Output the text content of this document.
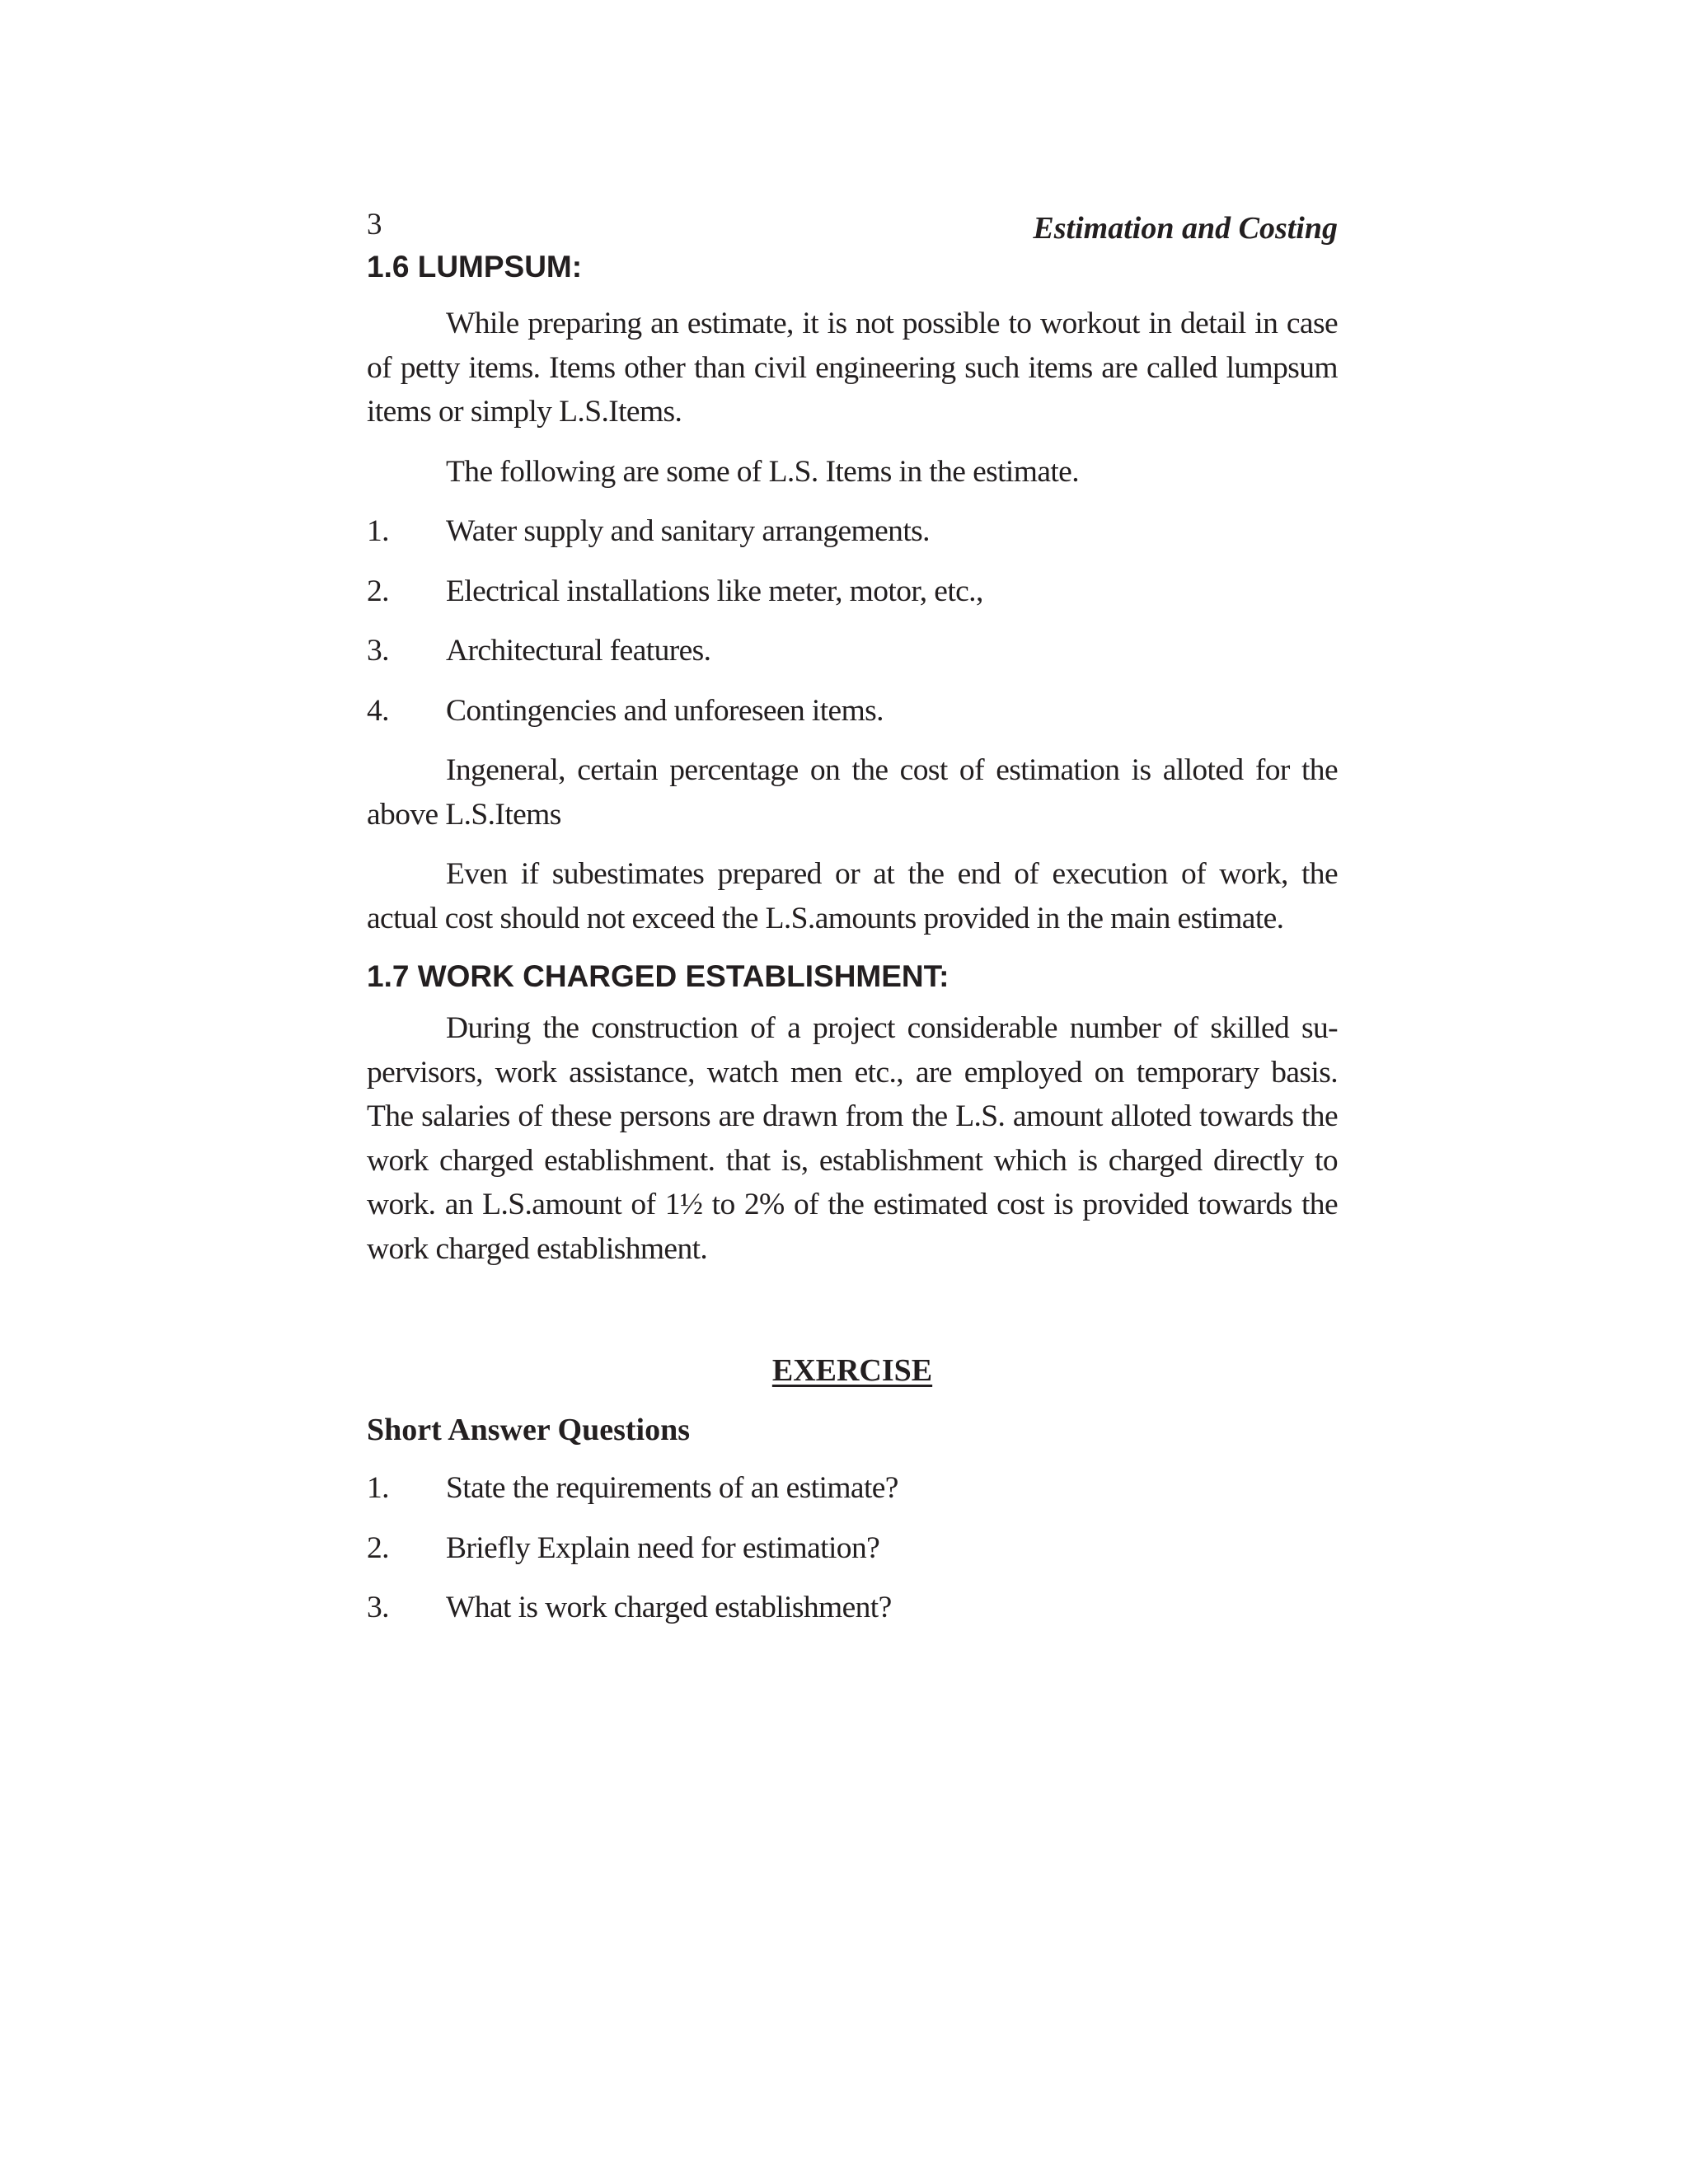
3	Estimation and Costing
1.6 LUMPSUM:

While preparing an estimate, it is not possible to workout in detail in case of petty items. Items other than civil engineering such items are called lumpsum items or simply L.S.Items.

The following are some of L.S. Items in the estimate.

1.	Water supply and sanitary arrangements.
2.	Electrical installations like meter, motor, etc.,
3.	Architectural features.
4.	Contingencies and unforeseen items.

Ingeneral, certain percentage on the cost of estimation is alloted for the above L.S.Items

Even if subestimates prepared or at the end of execution of work, the actual cost should not exceed the L.S.amounts provided in the main estimate.

1.7 WORK CHARGED ESTABLISHMENT:

During the construction of a project considerable number of skilled su-pervisors, work assistance, watch men etc., are employed on temporary basis. The salaries of these persons are drawn from the L.S. amount alloted towards the work charged establishment. that is, establishment which is charged directly to work. an L.S.amount of 1½ to 2% of the estimated cost is provided towards the work charged establishment.

EXERCISE
Short Answer Questions
1.	State the requirements of an estimate?
2.	Briefly Explain need for estimation?
3.	What is work charged establishment?
